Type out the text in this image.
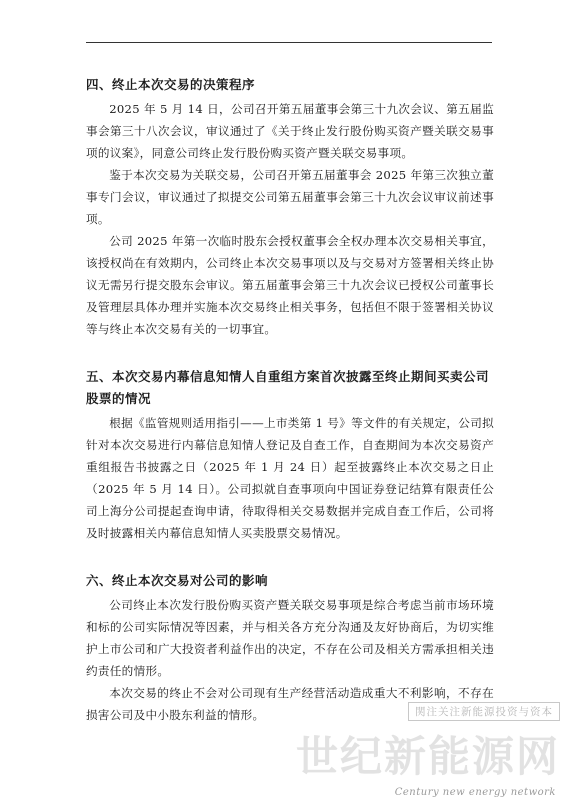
四、终止本次交易的决策程序

2025 年 5 月 14 日，公司召开第五届董事会第三十九次会议、第五届监事会第三十八次会议，审议通过了《关于终止发行股份购买资产暨关联交易事项的议案》，同意公司终止发行股份购买资产暨关联交易事项。

鉴于本次交易为关联交易，公司召开第五届董事会 2025 年第三次独立董事专门会议，审议通过了拟提交公司第五届董事会第三十九次会议审议前述事项。

公司 2025 年第一次临时股东会授权董事会全权办理本次交易相关事宜，该授权尚在有效期内，公司终止本次交易事项以及与交易对方签署相关终止协议无需另行提交股东会审议。第五届董事会第三十九次会议已授权公司董事长及管理层具体办理并实施本次交易终止相关事务，包括但不限于签署相关协议等与终止本次交易有关的一切事宜。

五、本次交易内幕信息知情人自重组方案首次披露至终止期间买卖公司股票的情况

根据《监管规则适用指引——上市类第 1 号》等文件的有关规定，公司拟针对本次交易进行内幕信息知情人登记及自查工作，自查期间为本次交易资产重组报告书披露之日（2025 年 1 月 24 日）起至披露终止本次交易之日止（2025 年 5 月 14 日）。公司拟就自查事项向中国证券登记结算有限责任公司上海分公司提起查询申请，待取得相关交易数据并完成自查工作后，公司将及时披露相关内幕信息知情人买卖股票交易情况。

六、终止本次交易对公司的影响

公司终止本次发行股份购买资产暨关联交易事项是综合考虑当前市场环境和标的公司实际情况等因素，并与相关各方充分沟通及友好协商后，为切实维护上市公司和广大投资者利益作出的决定，不存在公司及相关方需承担相关违约责任的情形。

本次交易的终止不会对公司现有生产经营活动造成重大不利影响，不存在损害公司及中小股东利益的情形。	関注关注新能源投资与资本
世纪新能源网
Century new energy network
